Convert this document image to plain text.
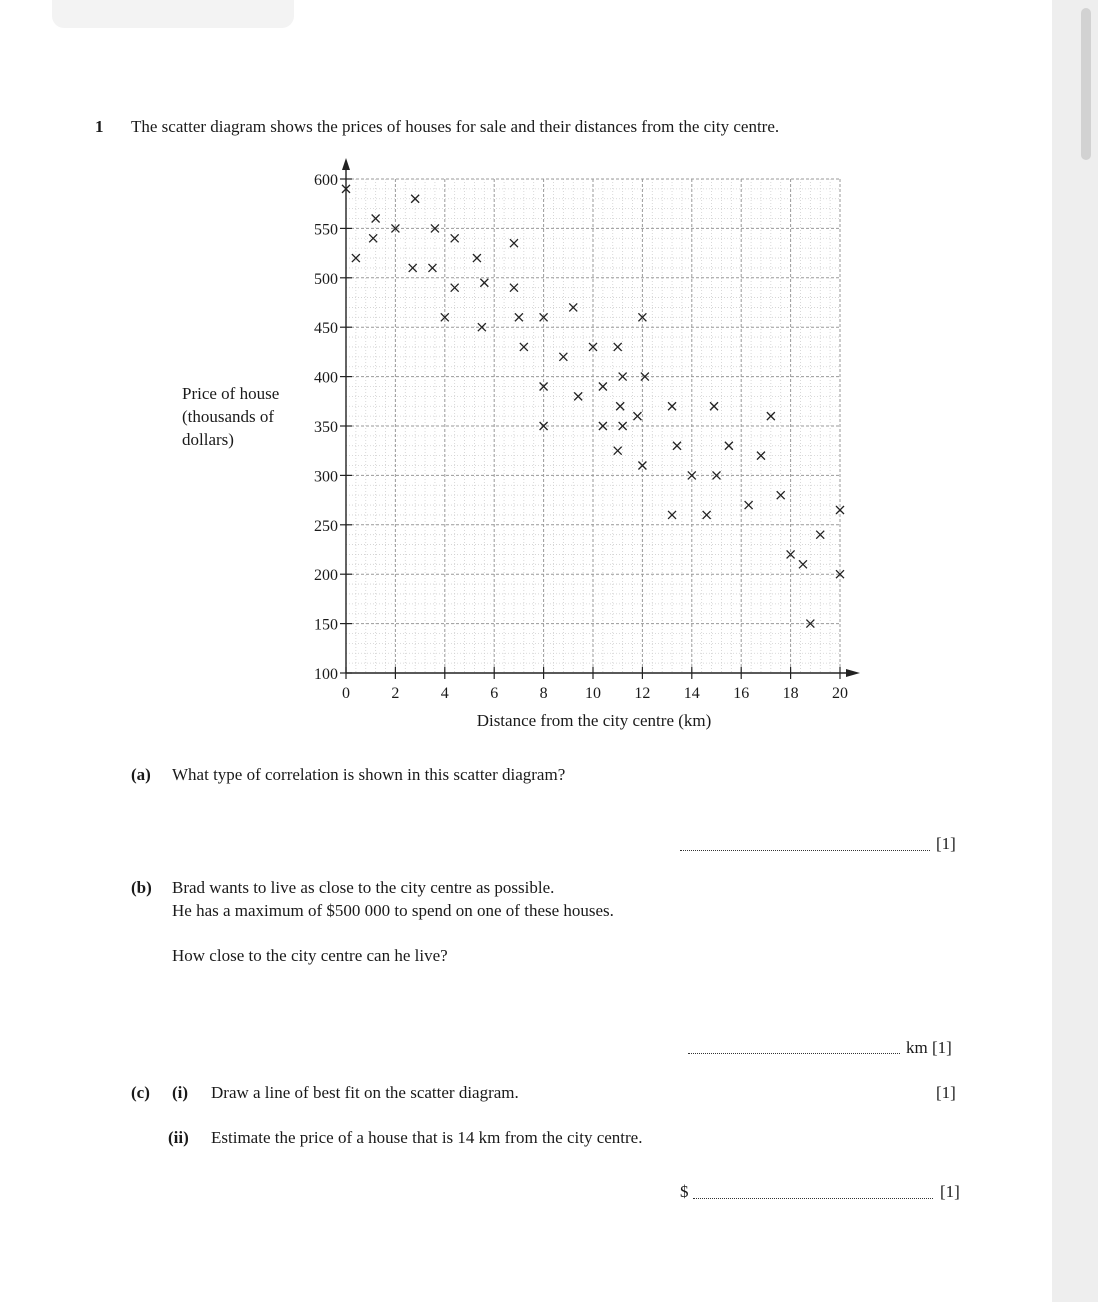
1 The scatter diagram shows the prices of houses for sale and their distances from the city centre.
Price of house
(thousands of
dollars)
100
150
200
250
300
350
400
450
500
550
600
0	2	4	6	8 10 12 14 16 18 20
Distance from the city centre (km)
(a) What type of correlation is shown in this scatter diagram?
[1]
(b) Brad wants to live as close to the city centre as possible.
He has a maximum of $500 000 to spend on one of these houses.
How close to the city centre can he live?
km [1]
(c) (i) Draw a line of best fit on the scatter diagram.	[1]
(ii) Estimate the price of a house that is 14 km from the city centre.
$	[1]
